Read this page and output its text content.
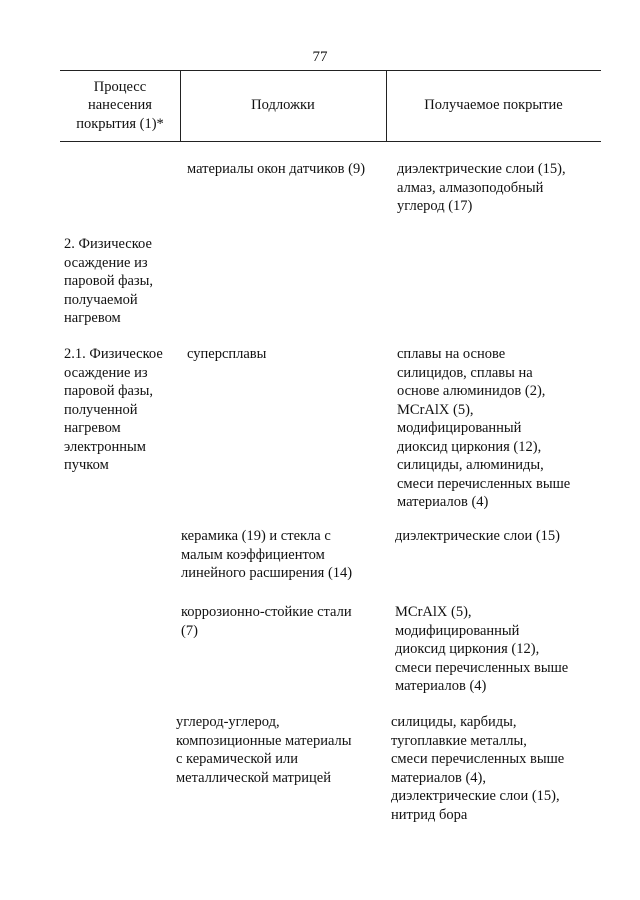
77
Процесс
нанесения
покрытия (1)*
Подложки	Получаемое покрытие
материалы окон датчиков (9) диэлектрические слои (15),
алмаз, алмазоподобный
углерод (17)
2. Физическое
осаждение из
паровой фазы,
получаемой
нагревом
2.1. Физическое
осаждение из
паровой фазы,
полученной
нагревом
электронным
пучком
суперсплавы	сплавы на основе
силицидов, сплавы на
основе алюминидов (2),
MCrAlX (5),
модифицированный
диоксид циркония (12),
силициды, алюминиды,
смеси перечисленных выше
материалов (4)
керамика (19) и стекла с
малым коэффициентом
линейного расширения (14)
диэлектрические слои (15)
коррозионно-стойкие стали
(7)
MCrAlX (5),
модифицированный
диоксид циркония (12),
смеси перечисленных выше
материалов (4)
углерод-углерод,
композиционные материалы
с керамической или
металлической матрицей
силициды, карбиды,
тугоплавкие металлы,
смеси перечисленных выше
материалов (4),
диэлектрические слои (15),
нитрид бора
